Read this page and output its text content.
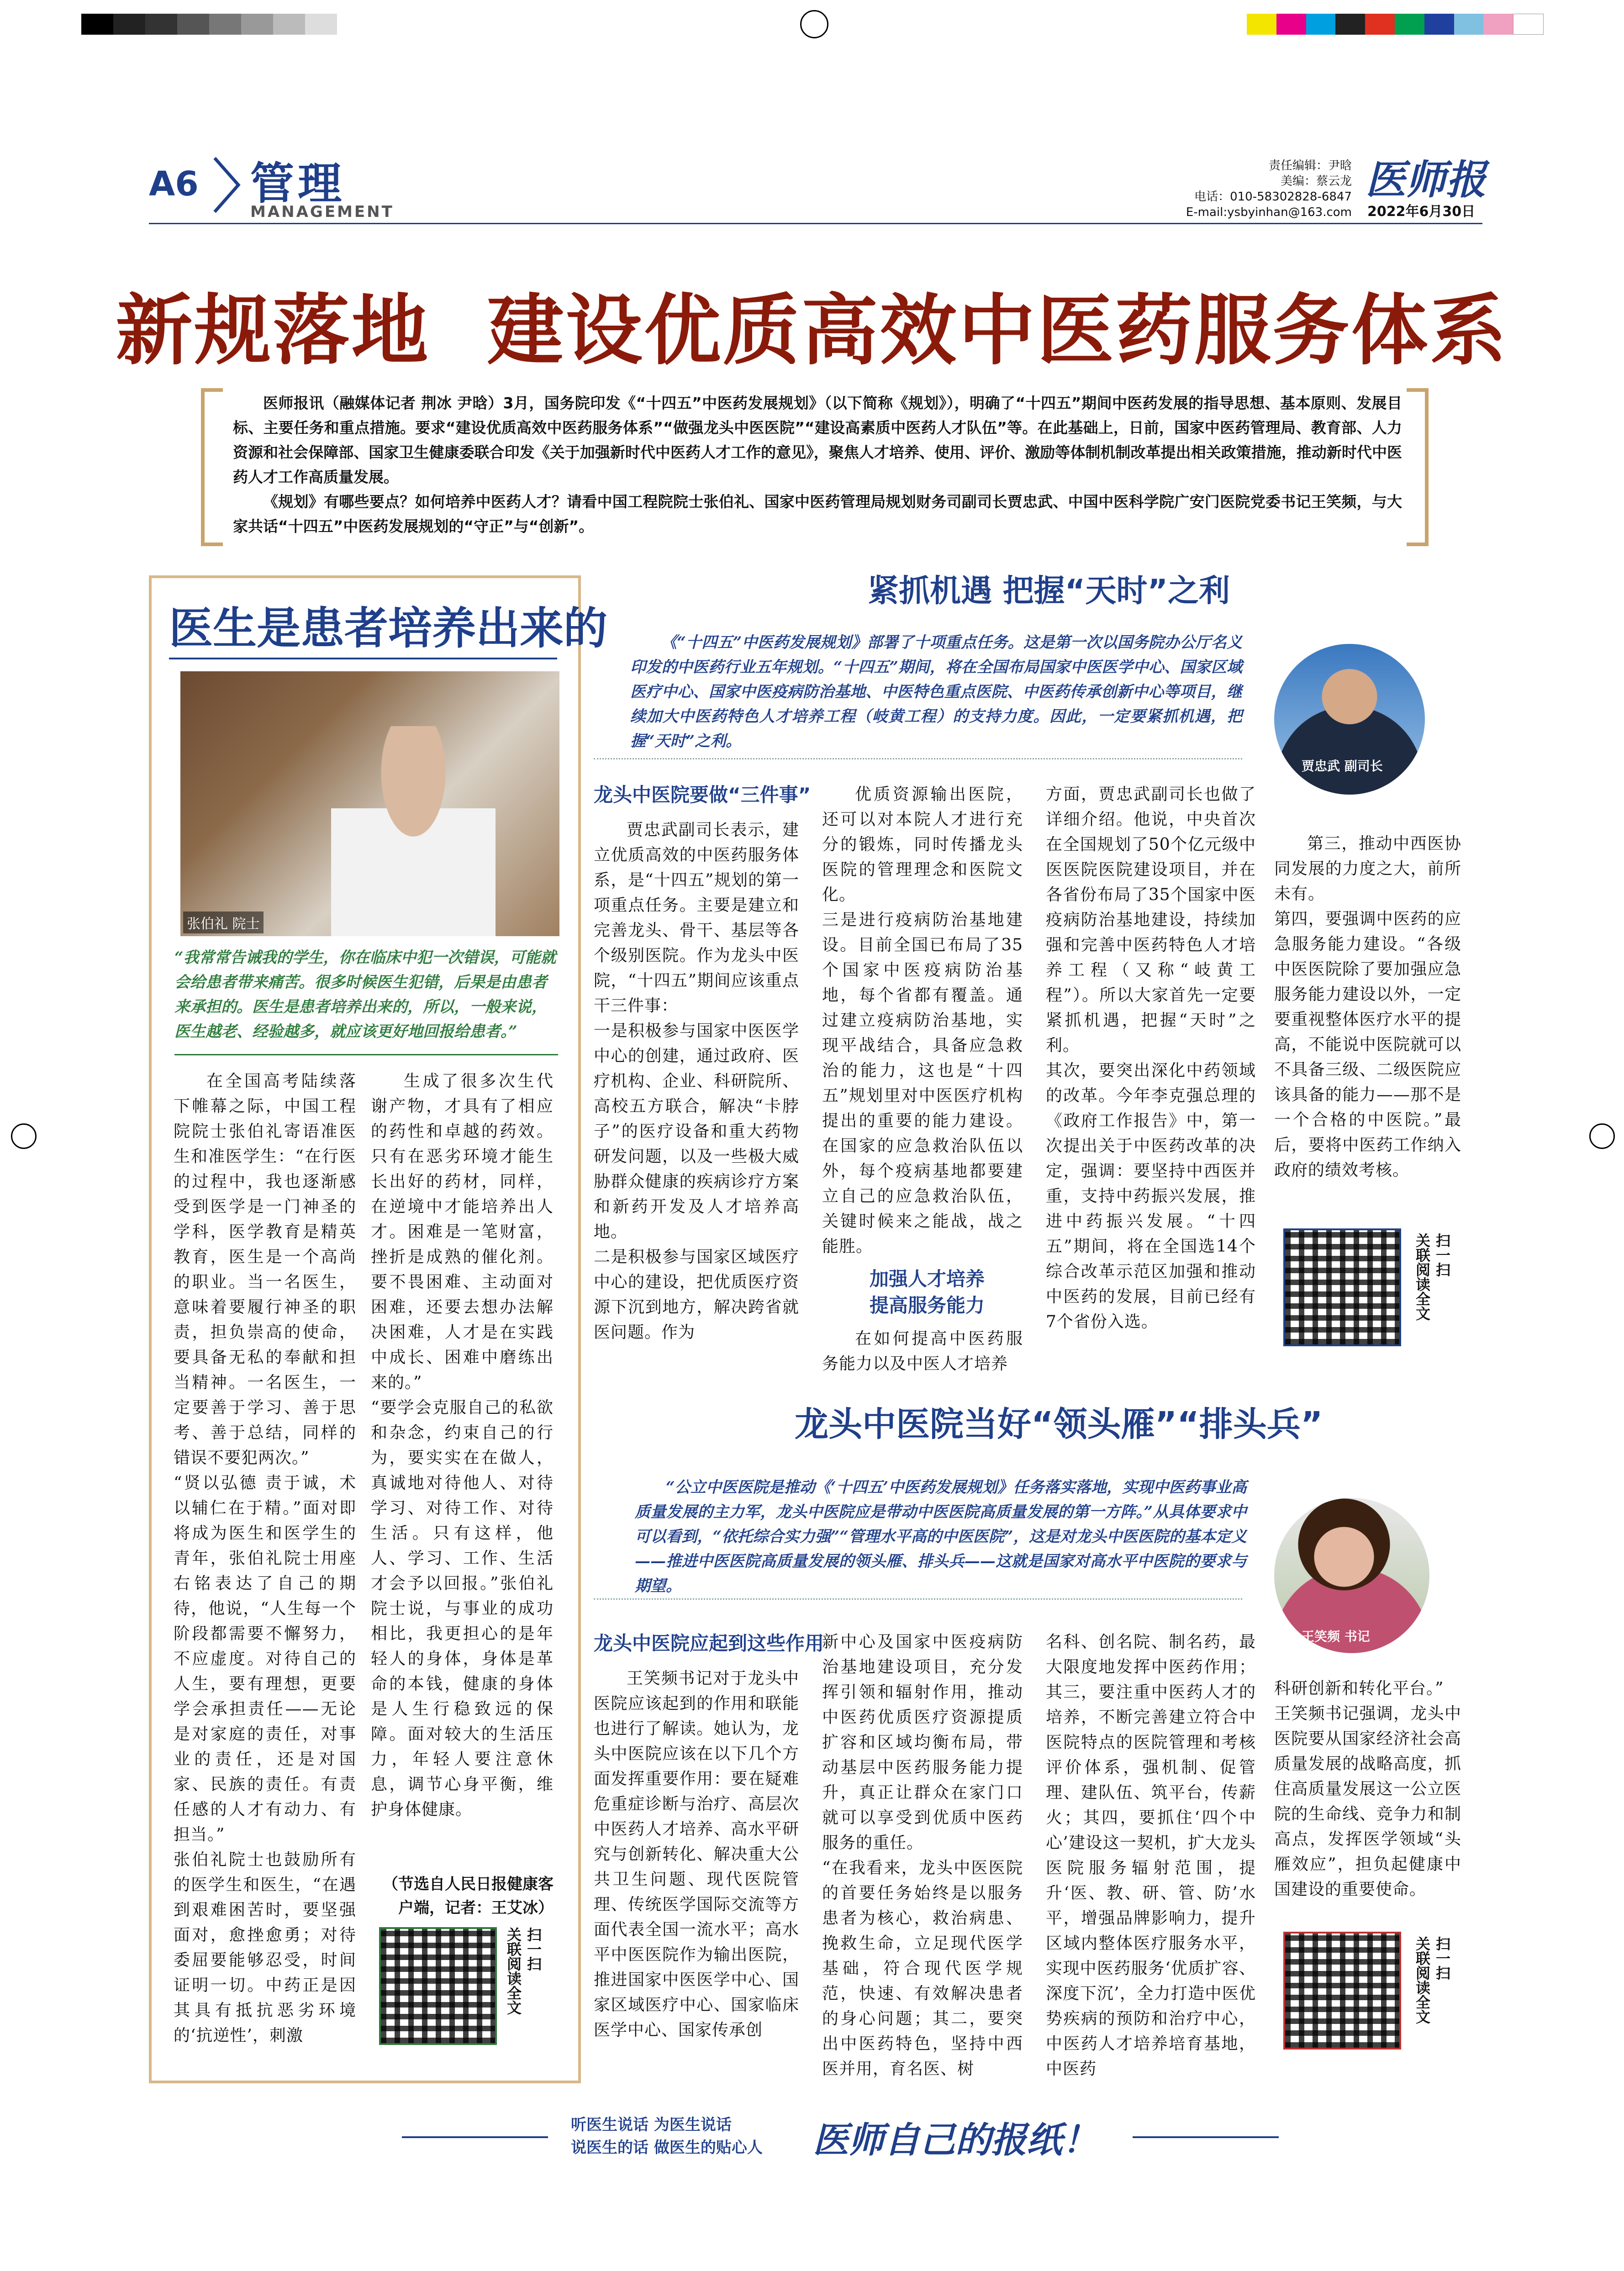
A6 管理
MANAGEMENT
责任编辑：尹晗
美编：蔡云龙
电话：010-58302828-6847
E-mail:ysbyinhan@163.com
医师报
2022年6月30日
新规落地  建设优质高效中医药服务体系

医师报讯（融媒体记者 荆冰 尹晗）3月，国务院印发《“十四五”中医药发展规划》（以下简称《规划》），明确了“十四五”期间中医药发展的指导思想、基本原则、发展目标、主要任务和重点措施。要求“建设优质高效中医药服务体系”“做强龙头中医医院”“建设高素质中医药人才队伍”等。在此基础上，日前，国家中医药管理局、教育部、人力资源和社会保障部、国家卫生健康委联合印发《关于加强新时代中医药人才工作的意见》，聚焦人才培养、使用、评价、激励等体制机制改革提出相关政策措施，推动新时代中医药人才工作高质量发展。

《规划》有哪些要点？如何培养中医药人才？请看中国工程院院士张伯礼、国家中医药管理局规划财务司副司长贾忠武、中国中医科学院广安门医院党委书记王笑频，与大家共话“十四五”中医药发展规划的“守正”与“创新”。

医生是患者培养出来的
张伯礼 院士
“我常常告诫我的学生，你在临床中犯一次错误，可能就会给患者带来痛苦。很多时候医生犯错，后果是由患者来承担的。医生是患者培养出来的，所以，一般来说，医生越老、经验越多，就应该更好地回报给患者。”
在全国高考陆续落下帷幕之际，中国工程院院士张伯礼寄语准医生和准医学生：“在行医的过程中，我也逐渐感受到医学是一门神圣的学科，医学教育是精英教育，医生是一个高尚的职业。当一名医生，意味着要履行神圣的职责，担负崇高的使命，要具备无私的奉献和担当精神。一名医生，一定要善于学习、善于思考、善于总结，同样的错误不要犯两次。”
“贤以弘德 责于诚，术以辅仁在于精。”面对即将成为医生和医学生的青年，张伯礼院士用座右铭表达了自己的期待，他说，“人生每一个阶段都需要不懈努力，不应虚度。对待自己的人生，要有理想，更要学会承担责任——无论是对家庭的责任，对事业的责任，还是对国家、民族的责任。有责任感的人才有动力、有担当。”
张伯礼院士也鼓励所有的医学生和医生，“在遇到艰难困苦时，要坚强面对，愈挫愈勇；对待委屈要能够忍受，时间证明一切。中药正是因其具有抵抗恶劣环境的‘抗逆性’，刺激
生成了很多次生代谢产物，才具有了相应的药性和卓越的药效。只有在恶劣环境才能生长出好的药材，同样，在逆境中才能培养出人才。困难是一笔财富，挫折是成熟的催化剂。要不畏困难、主动面对困难，还要去想办法解决困难，人才是在实践中成长、困难中磨练出来的。”
“要学会克服自己的私欲和杂念，约束自己的行为，要实实在在做人，真诚地对待他人、对待学习、对待工作、对待生活。只有这样，他人、学习、工作、生活才会予以回报。”张伯礼院士说，与事业的成功相比，我更担心的是年轻人的身体，身体是革命的本钱，健康的身体是人生行稳致远的保障。面对较大的生活压力，年轻人要注意休息，调节心身平衡，维护身体健康。
（节选自人民日报健康客户端，记者：王艾冰）
扫一扫
关联阅读全文
紧抓机遇 把握“天时”之利
《“十四五”中医药发展规划》部署了十项重点任务。这是第一次以国务院办公厅名义印发的中医药行业五年规划。“十四五”期间，将在全国布局国家中医医学中心、国家区域医疗中心、国家中医疫病防治基地、中医特色重点医院、中医药传承创新中心等项目，继续加大中医药特色人才培养工程（岐黄工程）的支持力度。因此，一定要紧抓机遇，把握“天时”之利。
贾忠武 副司长
龙头中医院要做“三件事”
贾忠武副司长表示，建立优质高效的中医药服务体系，是“十四五”规划的第一项重点任务。主要是建立和完善龙头、骨干、基层等各个级别医院。作为龙头中医院，“十四五”期间应该重点干三件事：
一是积极参与国家中医医学中心的创建，通过政府、医疗机构、企业、科研院所、高校五方联合，解决“卡脖子”的医疗设备和重大药物研发问题，以及一些极大威胁群众健康的疾病诊疗方案和新药开发及人才培养高地。
二是积极参与国家区域医疗中心的建设，把优质医疗资源下沉到地方，解决跨省就医问题。作为
优质资源输出医院，还可以对本院人才进行充分的锻炼，同时传播龙头医院的管理理念和医院文化。
三是进行疫病防治基地建设。目前全国已布局了35个国家中医疫病防治基地，每个省都有覆盖。通过建立疫病防治基地，实现平战结合，具备应急救治的能力，这也是“十四五”规划里对中医医疗机构提出的重要的能力建设。在国家的应急救治队伍以外，每个疫病基地都要建立自己的应急救治队伍，关键时候来之能战，战之能胜。
加强人才培养
提高服务能力
在如何提高中医药服务能力以及中医人才培养
方面，贾忠武副司长也做了详细介绍。他说，中央首次在全国规划了50个亿元级中医医院医院建设项目，并在各省份布局了35个国家中医疫病防治基地建设，持续加强和完善中医药特色人才培养工程（又称“岐黄工程”）。所以大家首先一定要紧抓机遇，把握“天时”之利。
其次，要突出深化中药领域的改革。今年李克强总理的《政府工作报告》中，第一次提出关于中医药改革的决定，强调：要坚持中西医并重，支持中药振兴发展，推进中药振兴发展。“十四五”期间，将在全国选14个综合改革示范区加强和推动中医药的发展，目前已经有7个省份入选。
第三，推动中西医协同发展的力度之大，前所未有。
第四，要强调中医药的应急服务能力建设。“各级中医医院除了要加强应急服务能力建设以外，一定要重视整体医疗水平的提高，不能说中医院就可以不具备三级、二级医院应该具备的能力——那不是一个合格的中医院。”最后，要将中医药工作纳入政府的绩效考核。
扫一扫
关联阅读全文
龙头中医院当好“领头雁”“排头兵”
“公立中医医院是推动《‘十四五’中医药发展规划》任务落实落地，实现中医药事业高质量发展的主力军，龙头中医院应是带动中医医院高质量发展的第一方阵。”从具体要求中可以看到，“依托综合实力强”“管理水平高的中医医院”，这是对龙头中医医院的基本定义——推进中医医院高质量发展的领头雁、排头兵——这就是国家对高水平中医院的要求与期望。
王笑频 书记
龙头中医院应起到这些作用
王笑频书记对于龙头中医院应该起到的作用和联能也进行了解读。她认为，龙头中医院应该在以下几个方面发挥重要作用：要在疑难危重症诊断与治疗、高层次中医药人才培养、高水平研究与创新转化、解决重大公共卫生问题、现代医院管理、传统医学国际交流等方面代表全国一流水平；高水平中医医院作为输出医院，推进国家中医医学中心、国家区域医疗中心、国家临床医学中心、国家传承创
新中心及国家中医疫病防治基地建设项目，充分发挥引领和辐射作用，推动中医药优质医疗资源提质扩容和区域均衡布局，带动基层中医药服务能力提升，真正让群众在家门口就可以享受到优质中医药服务的重任。
“在我看来，龙头中医医院的首要任务始终是以服务患者为核心，救治病患、挽救生命，立足现代医学基础，符合现代医学规范，快速、有效解决患者的身心问题；其二，要突出中医药特色，坚持中西医并用，育名医、树
名科、创名院、制名药，最大限度地发挥中医药作用；其三，要注重中医药人才的培养，不断完善建立符合中医院特点的医院管理和考核评价体系，强机制、促管理、建队伍、筑平台，传薪火；其四，要抓住‘四个中心’建设这一契机，扩大龙头医院服务辐射范围，提升‘医、教、研、管、防’水平，增强品牌影响力，提升区域内整体医疗服务水平，实现中医药服务‘优质扩容、深度下沉’，全力打造中医优势疾病的预防和治疗中心，中医药人才培养培育基地，中医药
科研创新和转化平台。”
王笑频书记强调，龙头中医院要从国家经济社会高质量发展的战略高度，抓住高质量发展这一公立医院的生命线、竞争力和制高点，发挥医学领域“头雁效应”，担负起健康中国建设的重要使命。
扫一扫
关联阅读全文
听医生说话 为医生说话
说医生的话 做医生的贴心人 医师自己的报纸！
